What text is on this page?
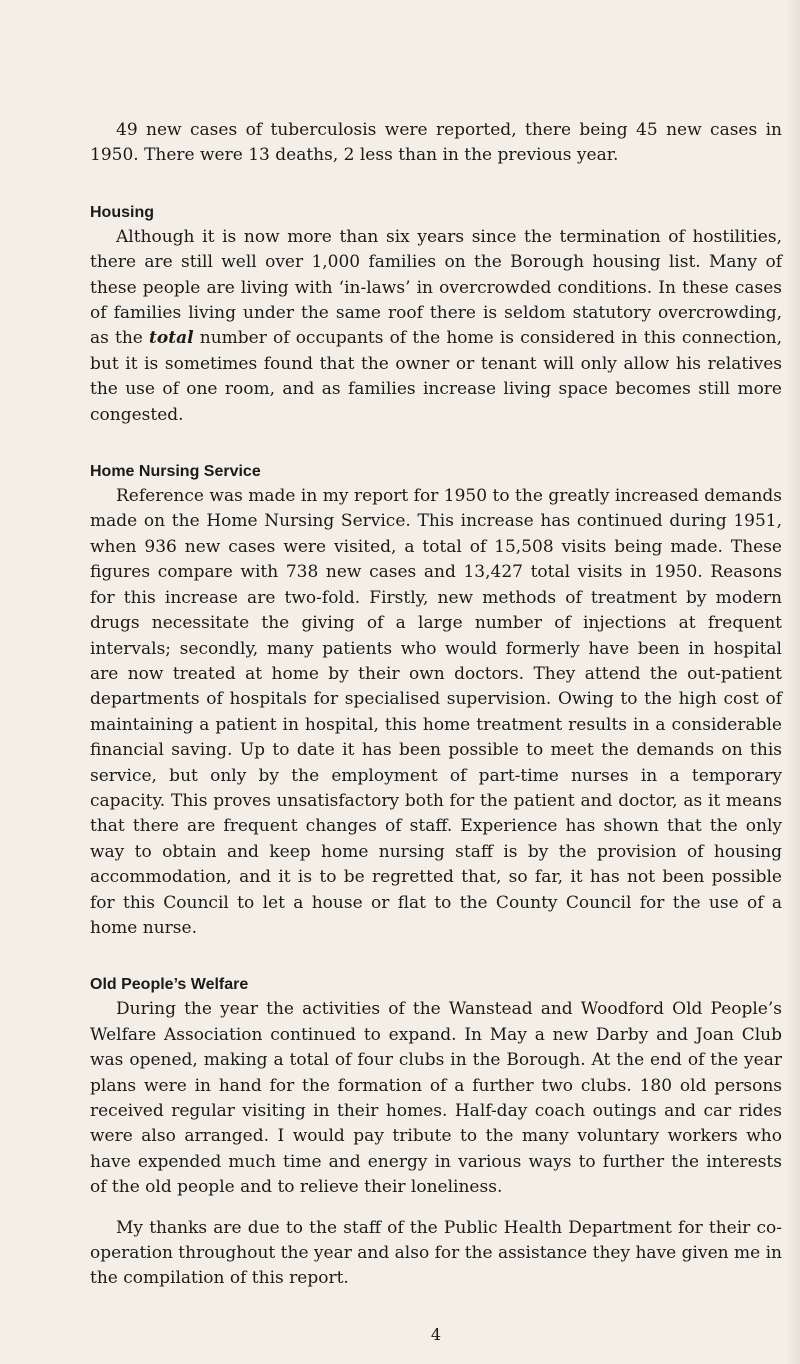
49 new cases of tuberculosis were reported, there being 45 new cases in 1950. There were 13 deaths, 2 less than in the previous year.

Housing

Although it is now more than six years since the termination of hostilities, there are still well over 1,000 families on the Borough housing list. Many of these people are living with ‘in-laws’ in overcrowded conditions. In these cases of families living under the same roof there is seldom statutory overcrowding, as the total number of occupants of the home is considered in this connection, but it is sometimes found that the owner or tenant will only allow his relatives the use of one room, and as families increase living space becomes still more congested.

Home Nursing Service

Reference was made in my report for 1950 to the greatly increased demands made on the Home Nursing Service. This increase has continued during 1951, when 936 new cases were visited, a total of 15,508 visits being made. These figures compare with 738 new cases and 13,427 total visits in 1950. Reasons for this increase are two-fold. Firstly, new methods of treatment by modern drugs necessitate the giving of a large number of injections at frequent intervals; secondly, many patients who would formerly have been in hospital are now treated at home by their own doctors. They attend the out-patient departments of hospitals for specialised supervision. Owing to the high cost of maintaining a patient in hospital, this home treatment results in a considerable financial saving. Up to date it has been possible to meet the demands on this service, but only by the employment of part-time nurses in a temporary capacity. This proves unsatisfactory both for the patient and doctor, as it means that there are frequent changes of staff. Experience has shown that the only way to obtain and keep home nursing staff is by the provision of housing accommodation, and it is to be regretted that, so far, it has not been possible for this Council to let a house or flat to the County Council for the use of a home nurse.

Old People’s Welfare

During the year the activities of the Wanstead and Woodford Old People’s Welfare Association continued to expand. In May a new Darby and Joan Club was opened, making a total of four clubs in the Borough. At the end of the year plans were in hand for the formation of a further two clubs. 180 old persons received regular visiting in their homes. Half-day coach outings and car rides were also arranged. I would pay tribute to the many voluntary workers who have expended much time and energy in various ways to further the interests of the old people and to relieve their loneliness.

My thanks are due to the staff of the Public Health Department for their co-operation throughout the year and also for the assistance they have given me in the compilation of this report.

4
